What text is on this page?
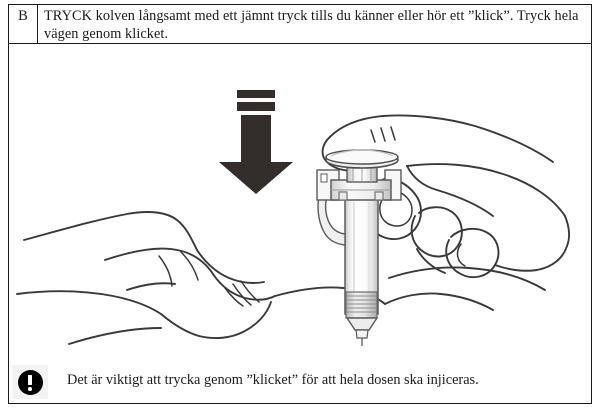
B TRYCK kolven långsamt med ett jämnt tryck tills du känner eller hör ett ”klick”. Tryck hela vägen genom klicket.
Det är viktigt att trycka genom ”klicket” för att hela dosen ska injiceras.
